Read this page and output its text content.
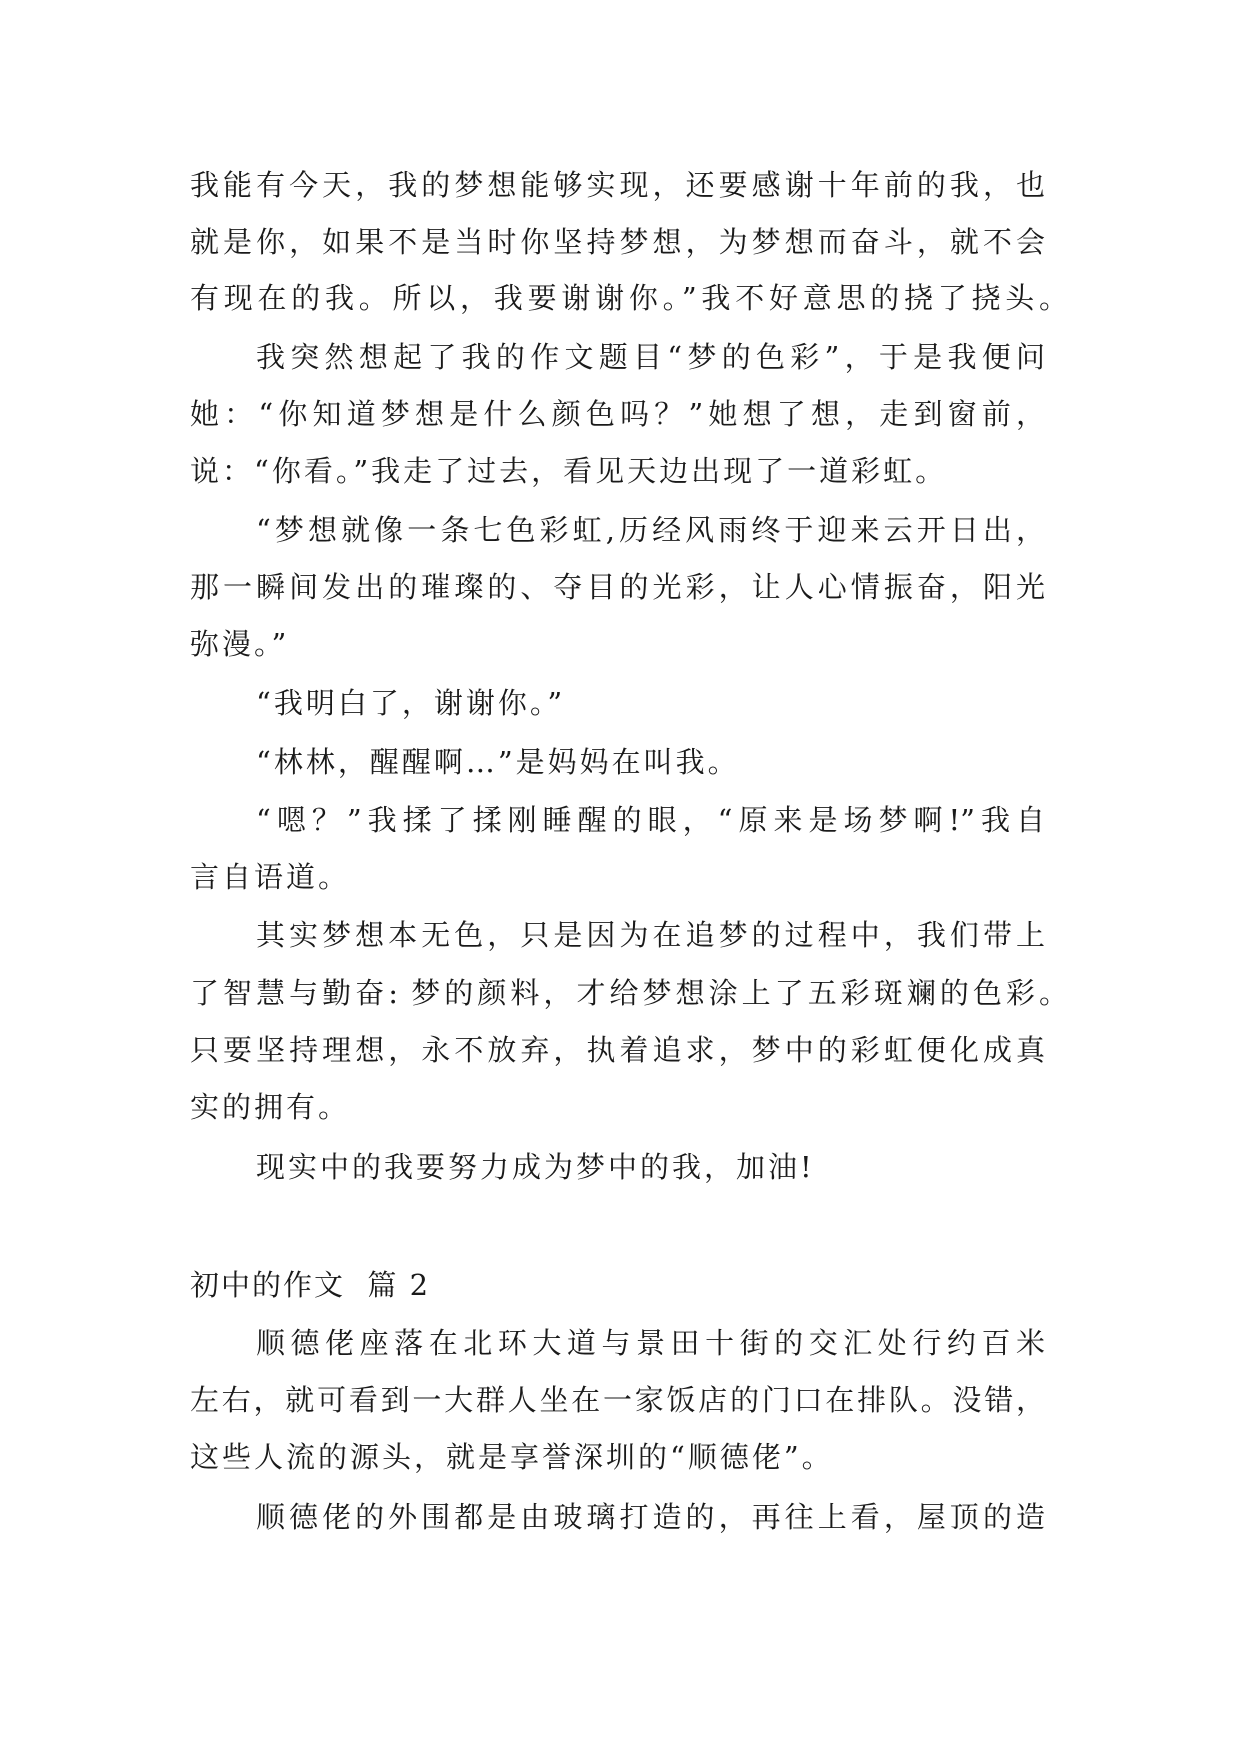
我能有今天，我的梦想能够实现，还要感谢十年前的我，也
就是你，如果不是当时你坚持梦想，为梦想而奋斗，就不会
有现在的我。所以，我要谢谢你。”我不好意思的挠了挠头。
我突然想起了我的作文题目“梦的色彩”，于是我便问
她：“你知道梦想是什么颜色吗？”她想了想，走到窗前，
说：“你看。”我走了过去，看见天边出现了一道彩虹。
“梦想就像一条七色彩虹,历经风雨终于迎来云开日出，
那一瞬间发出的璀璨的、夺目的光彩，让人心情振奋，阳光
弥漫。”
“我明白了，谢谢你。”
“林林，醒醒啊…”是妈妈在叫我。
“嗯？”我揉了揉刚睡醒的眼，“原来是场梦啊!”我自
言自语道。
其实梦想本无色，只是因为在追梦的过程中，我们带上
了智慧与勤奋: 梦的颜料，才给梦想涂上了五彩斑斓的色彩。
只要坚持理想，永不放弃，执着追求，梦中的彩虹便化成真
实的拥有。
现实中的我要努力成为梦中的我，加油!
初中的作文  篇 2
顺德佬座落在北环大道与景田十街的交汇处行约百米
左右，就可看到一大群人坐在一家饭店的门口在排队。没错，
这些人流的源头，就是享誉深圳的“顺德佬”。
顺德佬的外围都是由玻璃打造的，再往上看，屋顶的造
